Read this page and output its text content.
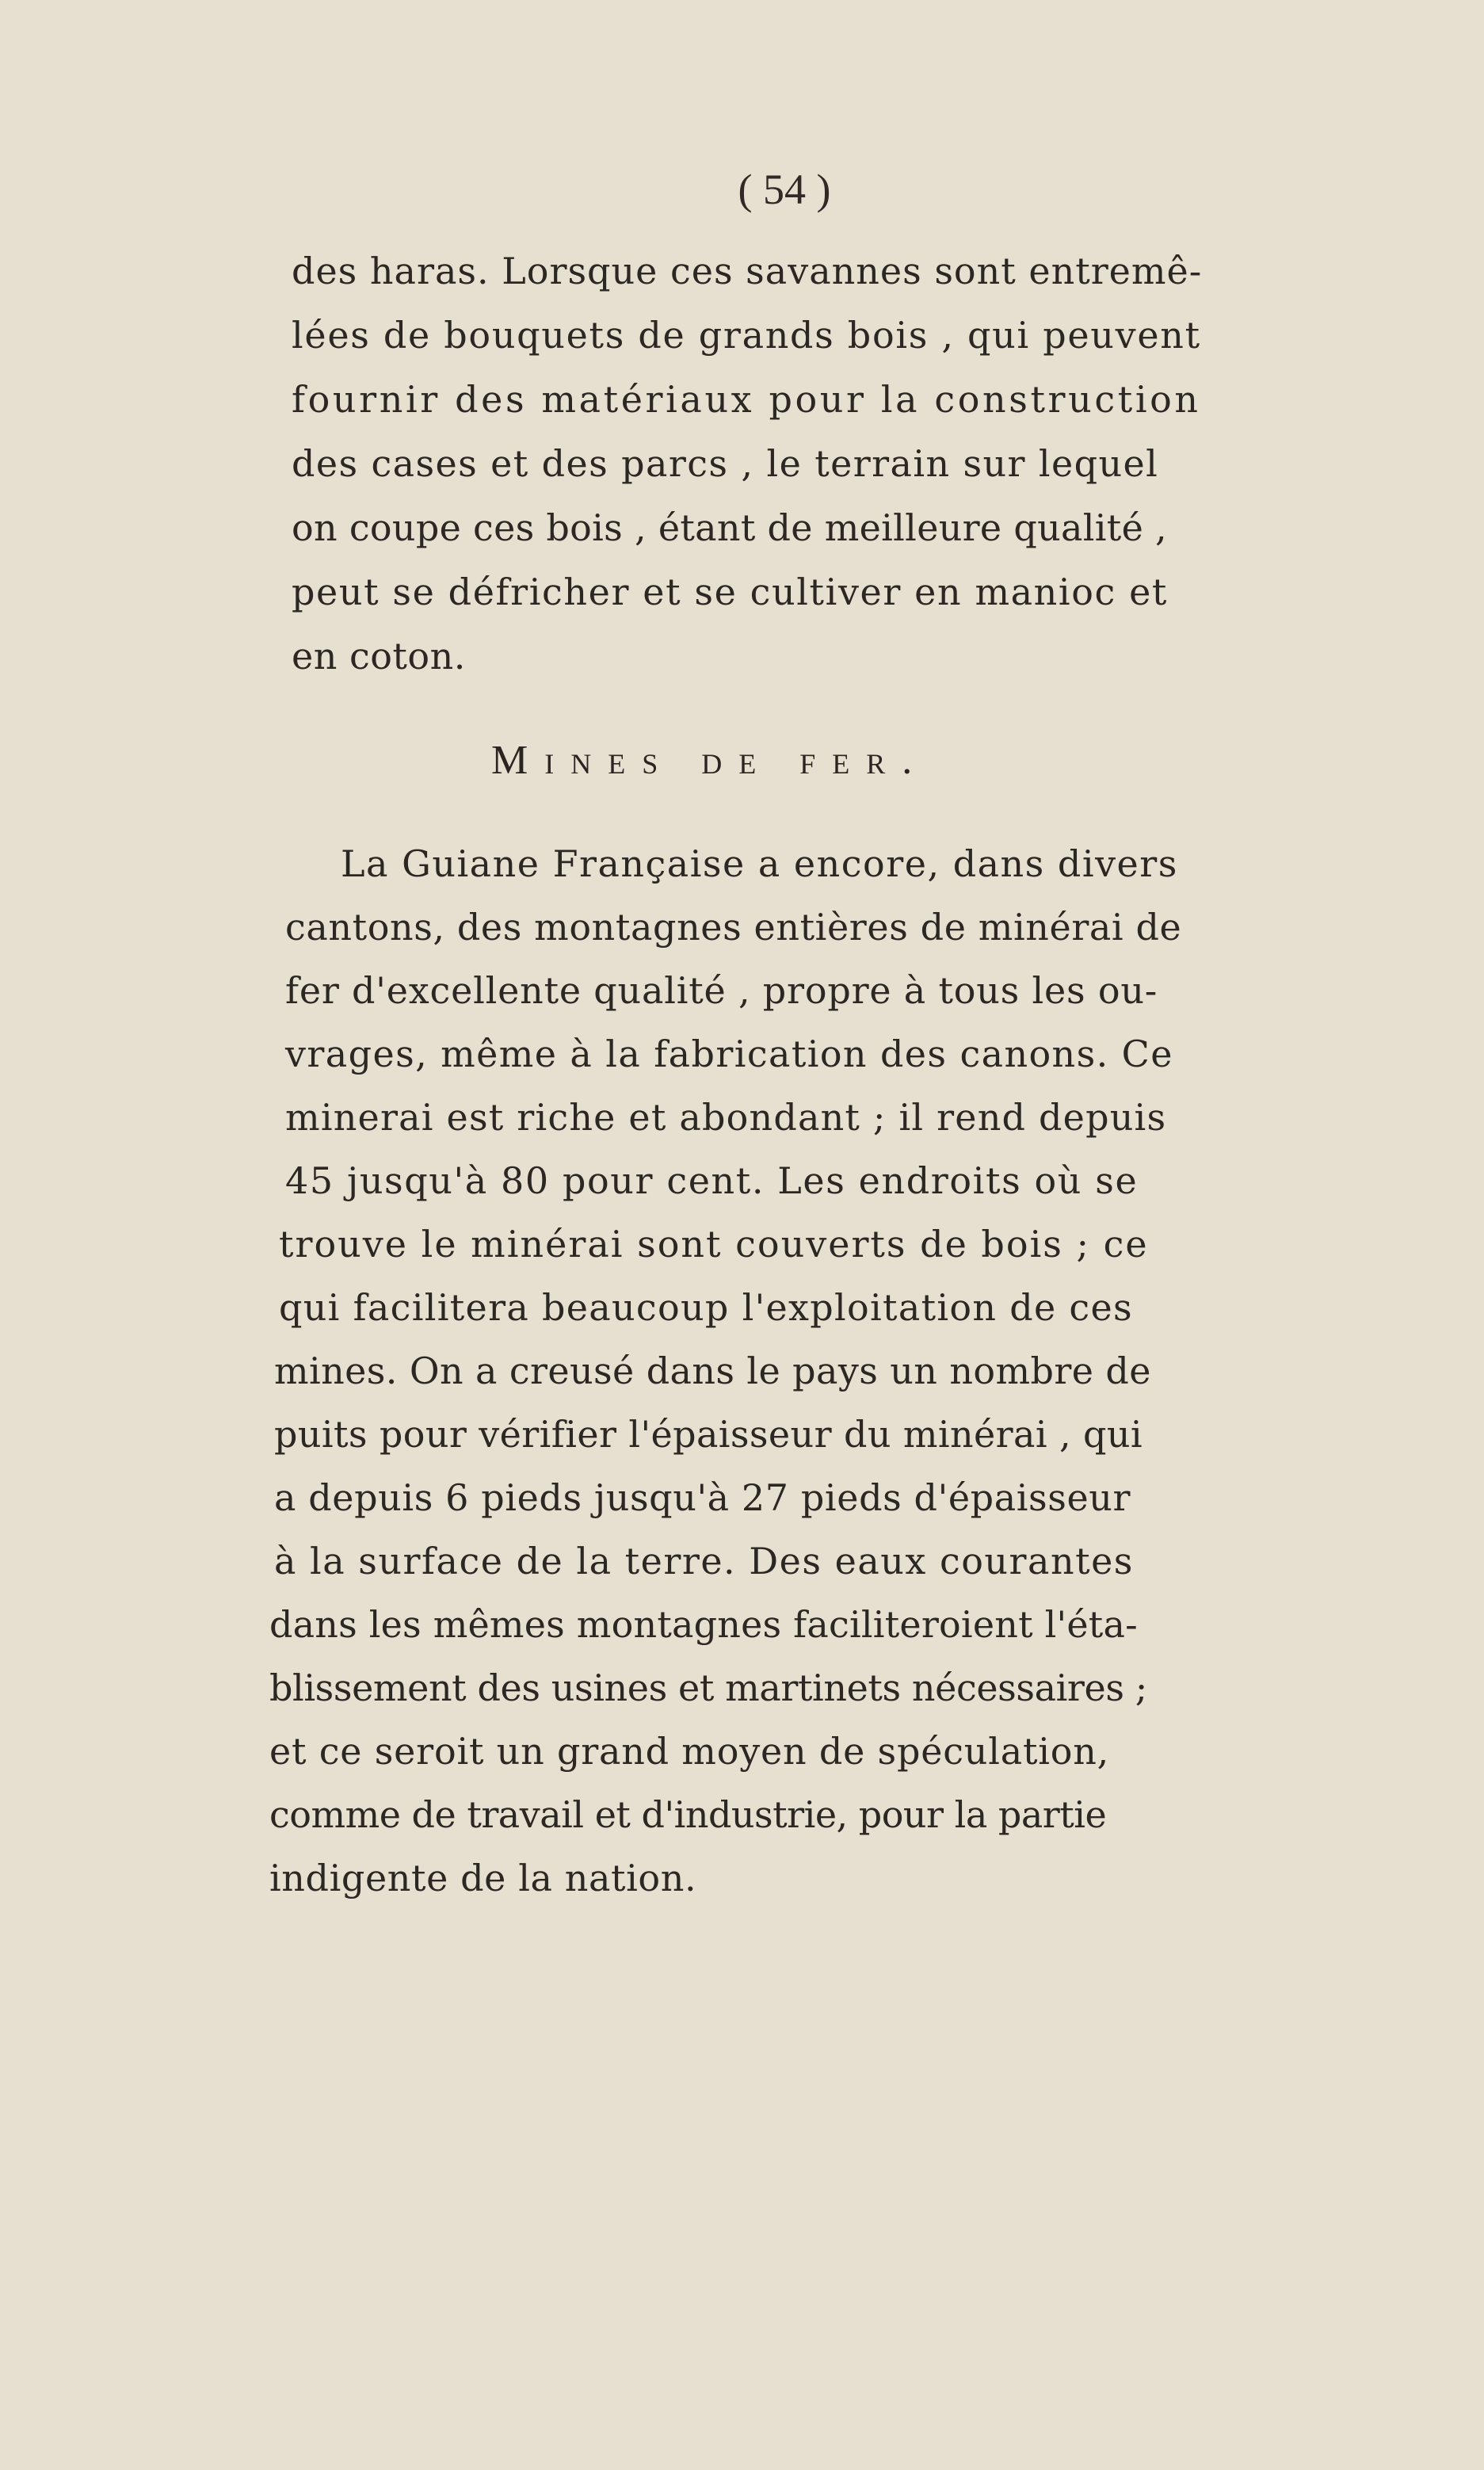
( 54 )
des haras. Lorsque ces savannes sont entremê-
lées de bouquets de grands bois , qui peuvent
fournir des matériaux pour la construction
des cases et des parcs , le terrain sur lequel
on coupe ces bois , étant de meilleure qualité ,
peut se défricher et se cultiver en manioc et
en coton.
Mines de fer.
La Guiane Française a encore, dans divers
cantons, des montagnes entières de minérai de
fer d'excellente qualité , propre à tous les ou-
vrages, même à la fabrication des canons. Ce
minerai est riche et abondant ; il rend depuis
45 jusqu'à 80 pour cent. Les endroits où se
trouve le minérai sont couverts de bois ; ce
qui facilitera beaucoup l'exploitation de ces
mines. On a creusé dans le pays un nombre de
puits pour vérifier l'épaisseur du minérai , qui
a depuis 6 pieds jusqu'à 27 pieds d'épaisseur
à la surface de la terre. Des eaux courantes
dans les mêmes montagnes faciliteroient l'éta-
blissement des usines et martinets nécessaires ;
et ce seroit un grand moyen de spéculation,
comme de travail et d'industrie, pour la partie
indigente de la nation.
